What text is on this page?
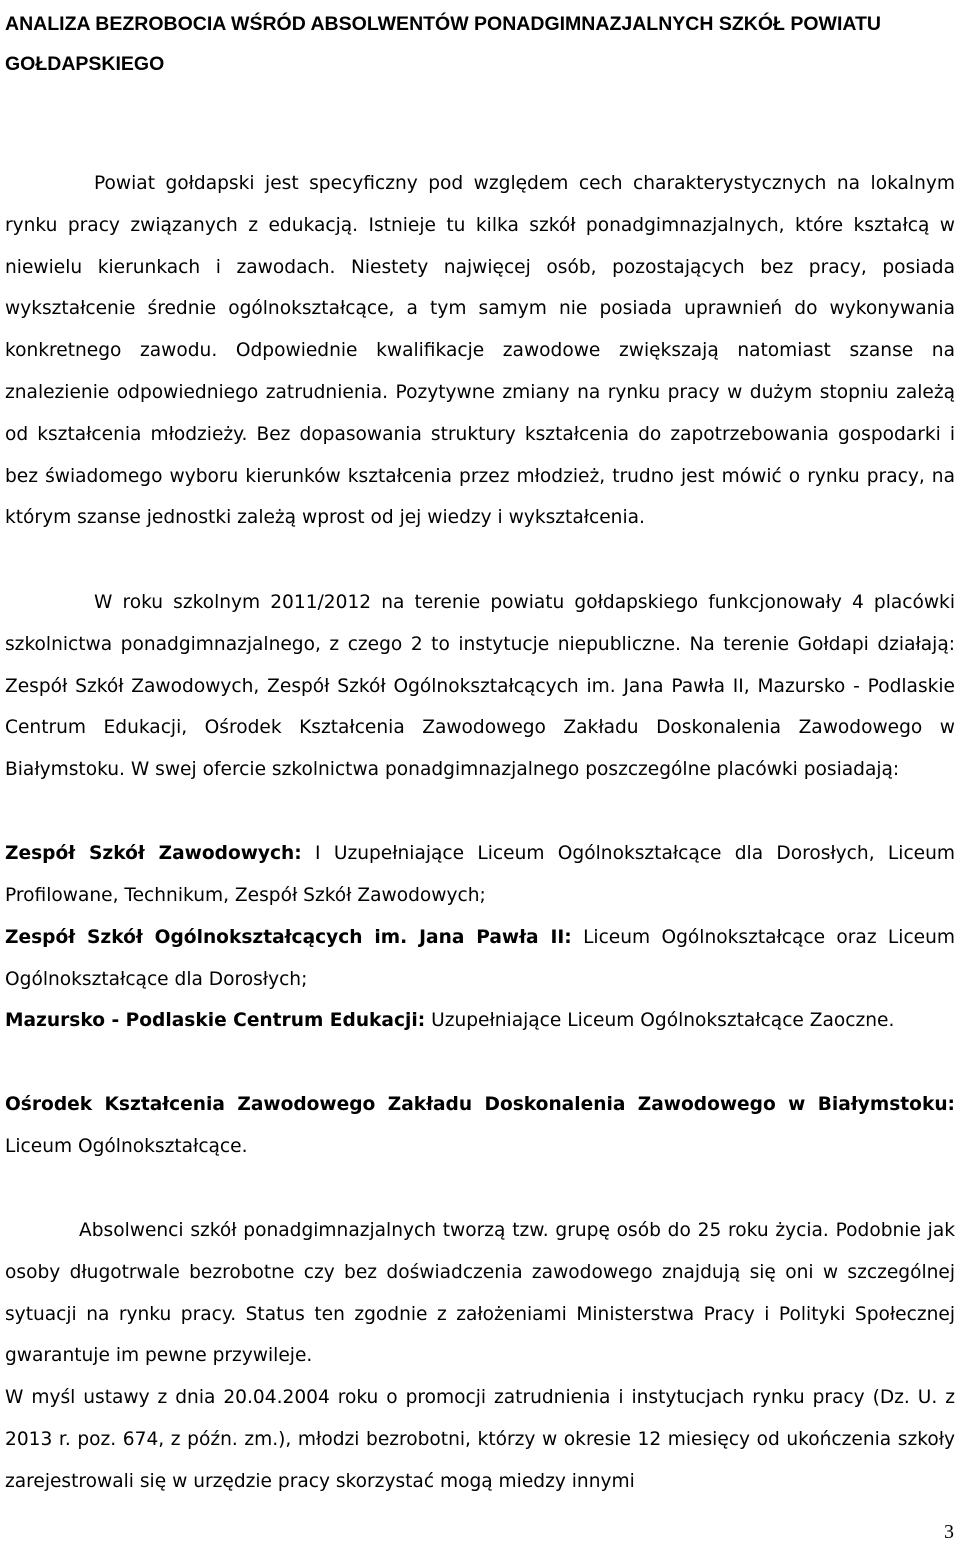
ANALIZA BEZROBOCIA WŚRÓD ABSOLWENTÓW PONADGIMNAZJALNYCH SZKÓŁ POWIATU GOŁDAPSKIEGO

Powiat gołdapski jest specyficzny pod względem cech charakterystycznych na lokalnym rynku pracy związanych z edukacją. Istnieje tu kilka szkół ponadgimnazjalnych, które kształcą w niewielu kierunkach i zawodach. Niestety najwięcej osób, pozostających bez pracy, posiada wykształcenie średnie ogólnokształcące, a tym samym nie posiada uprawnień do wykonywania konkretnego zawodu. Odpowiednie kwalifikacje zawodowe zwiększają natomiast szanse na znalezienie odpowiedniego zatrudnienia. Pozytywne zmiany na rynku pracy w dużym stopniu zależą od kształcenia młodzieży. Bez dopasowania struktury kształcenia do zapotrzebowania gospodarki i bez świadomego wyboru kierunków kształcenia przez młodzież, trudno jest mówić o rynku pracy, na którym szanse jednostki zależą wprost od jej wiedzy i wykształcenia.

W roku szkolnym 2011/2012 na terenie powiatu gołdapskiego funkcjonowały 4 placówki szkolnictwa ponadgimnazjalnego, z czego 2 to instytucje niepubliczne. Na terenie Gołdapi działają: Zespół Szkół Zawodowych, Zespół Szkół Ogólnokształcących im. Jana Pawła II, Mazursko - Podlaskie Centrum Edukacji, Ośrodek Kształcenia Zawodowego Zakładu Doskonalenia Zawodowego w Białymstoku. W swej ofercie szkolnictwa ponadgimnazjalnego poszczególne placówki posiadają:

Zespół Szkół Zawodowych: I Uzupełniające Liceum Ogólnokształcące dla Dorosłych, Liceum Profilowane, Technikum, Zespół Szkół Zawodowych;

Zespół Szkół Ogólnokształcących im. Jana Pawła II: Liceum Ogólnokształcące oraz Liceum Ogólnokształcące dla Dorosłych;

Mazursko - Podlaskie Centrum Edukacji: Uzupełniające Liceum Ogólnokształcące Zaoczne.

Ośrodek Kształcenia Zawodowego Zakładu Doskonalenia Zawodowego w Białymstoku: Liceum Ogólnokształcące.

Absolwenci szkół ponadgimnazjalnych tworzą tzw. grupę osób do 25 roku życia. Podobnie jak osoby długotrwale bezrobotne czy bez doświadczenia zawodowego znajdują się oni w szczególnej sytuacji na rynku pracy. Status ten zgodnie z założeniami Ministerstwa Pracy i Polityki Społecznej gwarantuje im pewne przywileje.

W myśl ustawy z dnia 20.04.2004 roku o promocji zatrudnienia i instytucjach rynku pracy (Dz. U. z 2013 r. poz. 674, z późn. zm.), młodzi bezrobotni, którzy w okresie 12 miesięcy od ukończenia szkoły zarejestrowali się w urzędzie pracy skorzystać mogą miedzy innymi

3
